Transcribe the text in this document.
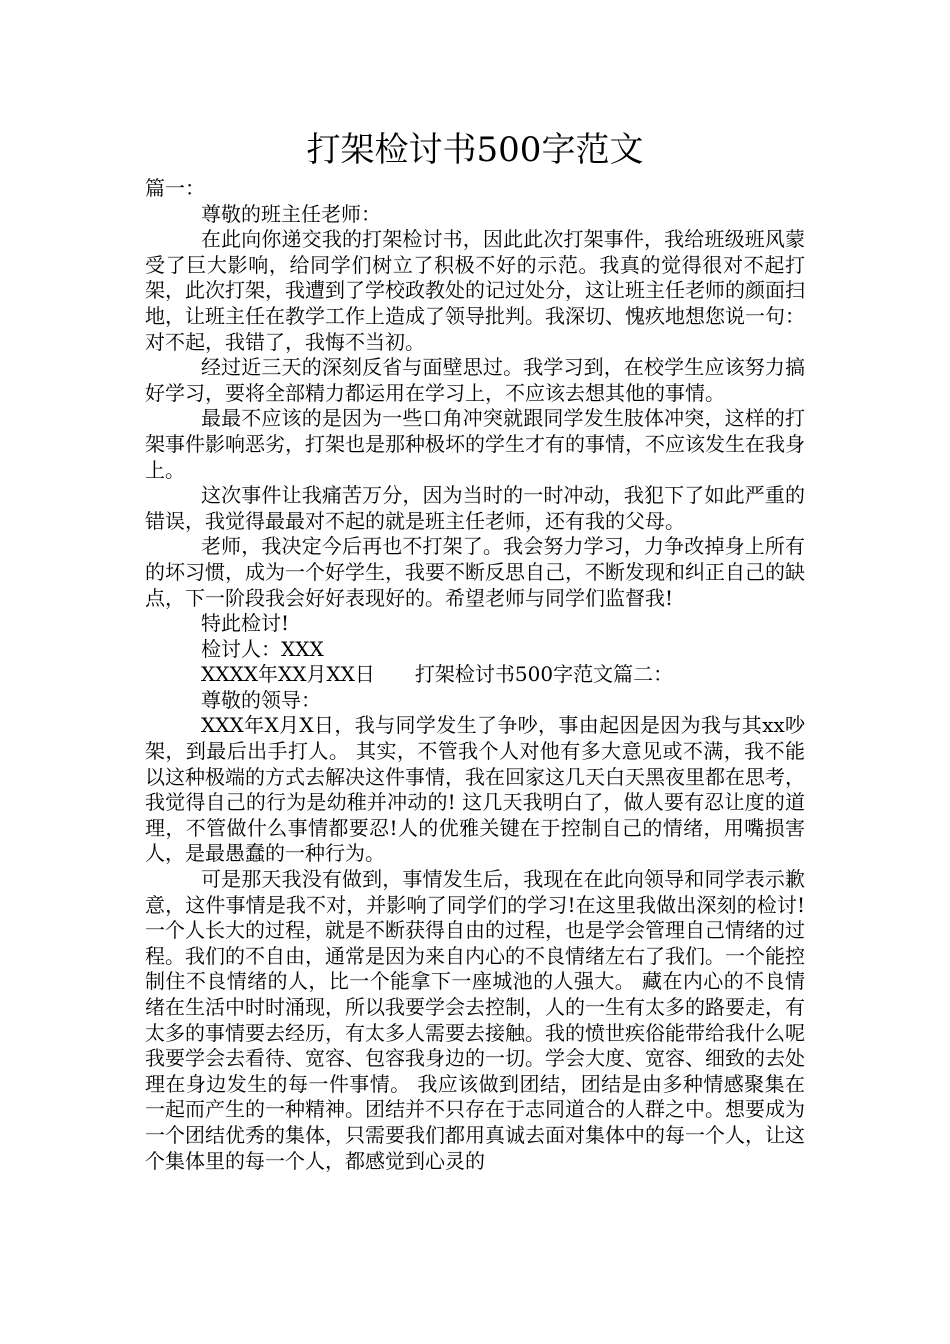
打架检讨书500字范文

篇一：

尊敬的班主任老师：

在此向你递交我的打架检讨书，因此此次打架事件，我给班级班风蒙受了巨大影响，给同学们树立了积极不好的示范。我真的觉得很对不起打架，此次打架，我遭到了学校政教处的记过处分，这让班主任老师的颜面扫地，让班主任在教学工作上造成了领导批判。我深切、愧疚地想您说一句：对不起，我错了，我悔不当初。

经过近三天的深刻反省与面壁思过。我学习到，在校学生应该努力搞好学习，要将全部精力都运用在学习上，不应该去想其他的事情。

最最不应该的是因为一些口角冲突就跟同学发生肢体冲突，这样的打架事件影响恶劣，打架也是那种极坏的学生才有的事情，不应该发生在我身上。

这次事件让我痛苦万分，因为当时的一时冲动，我犯下了如此严重的错误，我觉得最最对不起的就是班主任老师，还有我的父母。

老师，我决定今后再也不打架了。我会努力学习，力争改掉身上所有的坏习惯，成为一个好学生，我要不断反思自己，不断发现和纠正自己的缺点，下一阶段我会好好表现好的。希望老师与同学们监督我!

特此检讨!

检讨人：XXX

XXXX年XX月XX日　　打架检讨书500字范文篇二：

尊敬的领导：

XXX年X月X日，我与同学发生了争吵，事由起因是因为我与其xx吵架，到最后出手打人。 其实，不管我个人对他有多大意见或不满，我不能以这种极端的方式去解决这件事情，我在回家这几天白天黑夜里都在思考，我觉得自己的行为是幼稚并冲动的! 这几天我明白了，做人要有忍让度的道理，不管做什么事情都要忍!人的优雅关键在于控制自己的情绪，用嘴损害人，是最愚蠢的一种行为。

可是那天我没有做到，事情发生后，我现在在此向领导和同学表示歉意，这件事情是我不对，并影响了同学们的学习!在这里我做出深刻的检讨! 一个人长大的过程，就是不断获得自由的过程，也是学会管理自己情绪的过程。我们的不自由，通常是因为来自内心的不良情绪左右了我们。一个能控制住不良情绪的人，比一个能拿下一座城池的人强大。 藏在内心的不良情绪在生活中时时涌现，所以我要学会去控制，人的一生有太多的路要走，有太多的事情要去经历，有太多人需要去接触。我的愤世疾俗能带给我什么呢 我要学会去看待、宽容、包容我身边的一切。学会大度、宽容、细致的去处理在身边发生的每一件事情。 我应该做到团结，团结是由多种情感聚集在一起而产生的一种精神。团结并不只存在于志同道合的人群之中。想要成为一个团结优秀的集体，只需要我们都用真诚去面对集体中的每一个人，让这个集体里的每一个人，都感觉到心灵的
